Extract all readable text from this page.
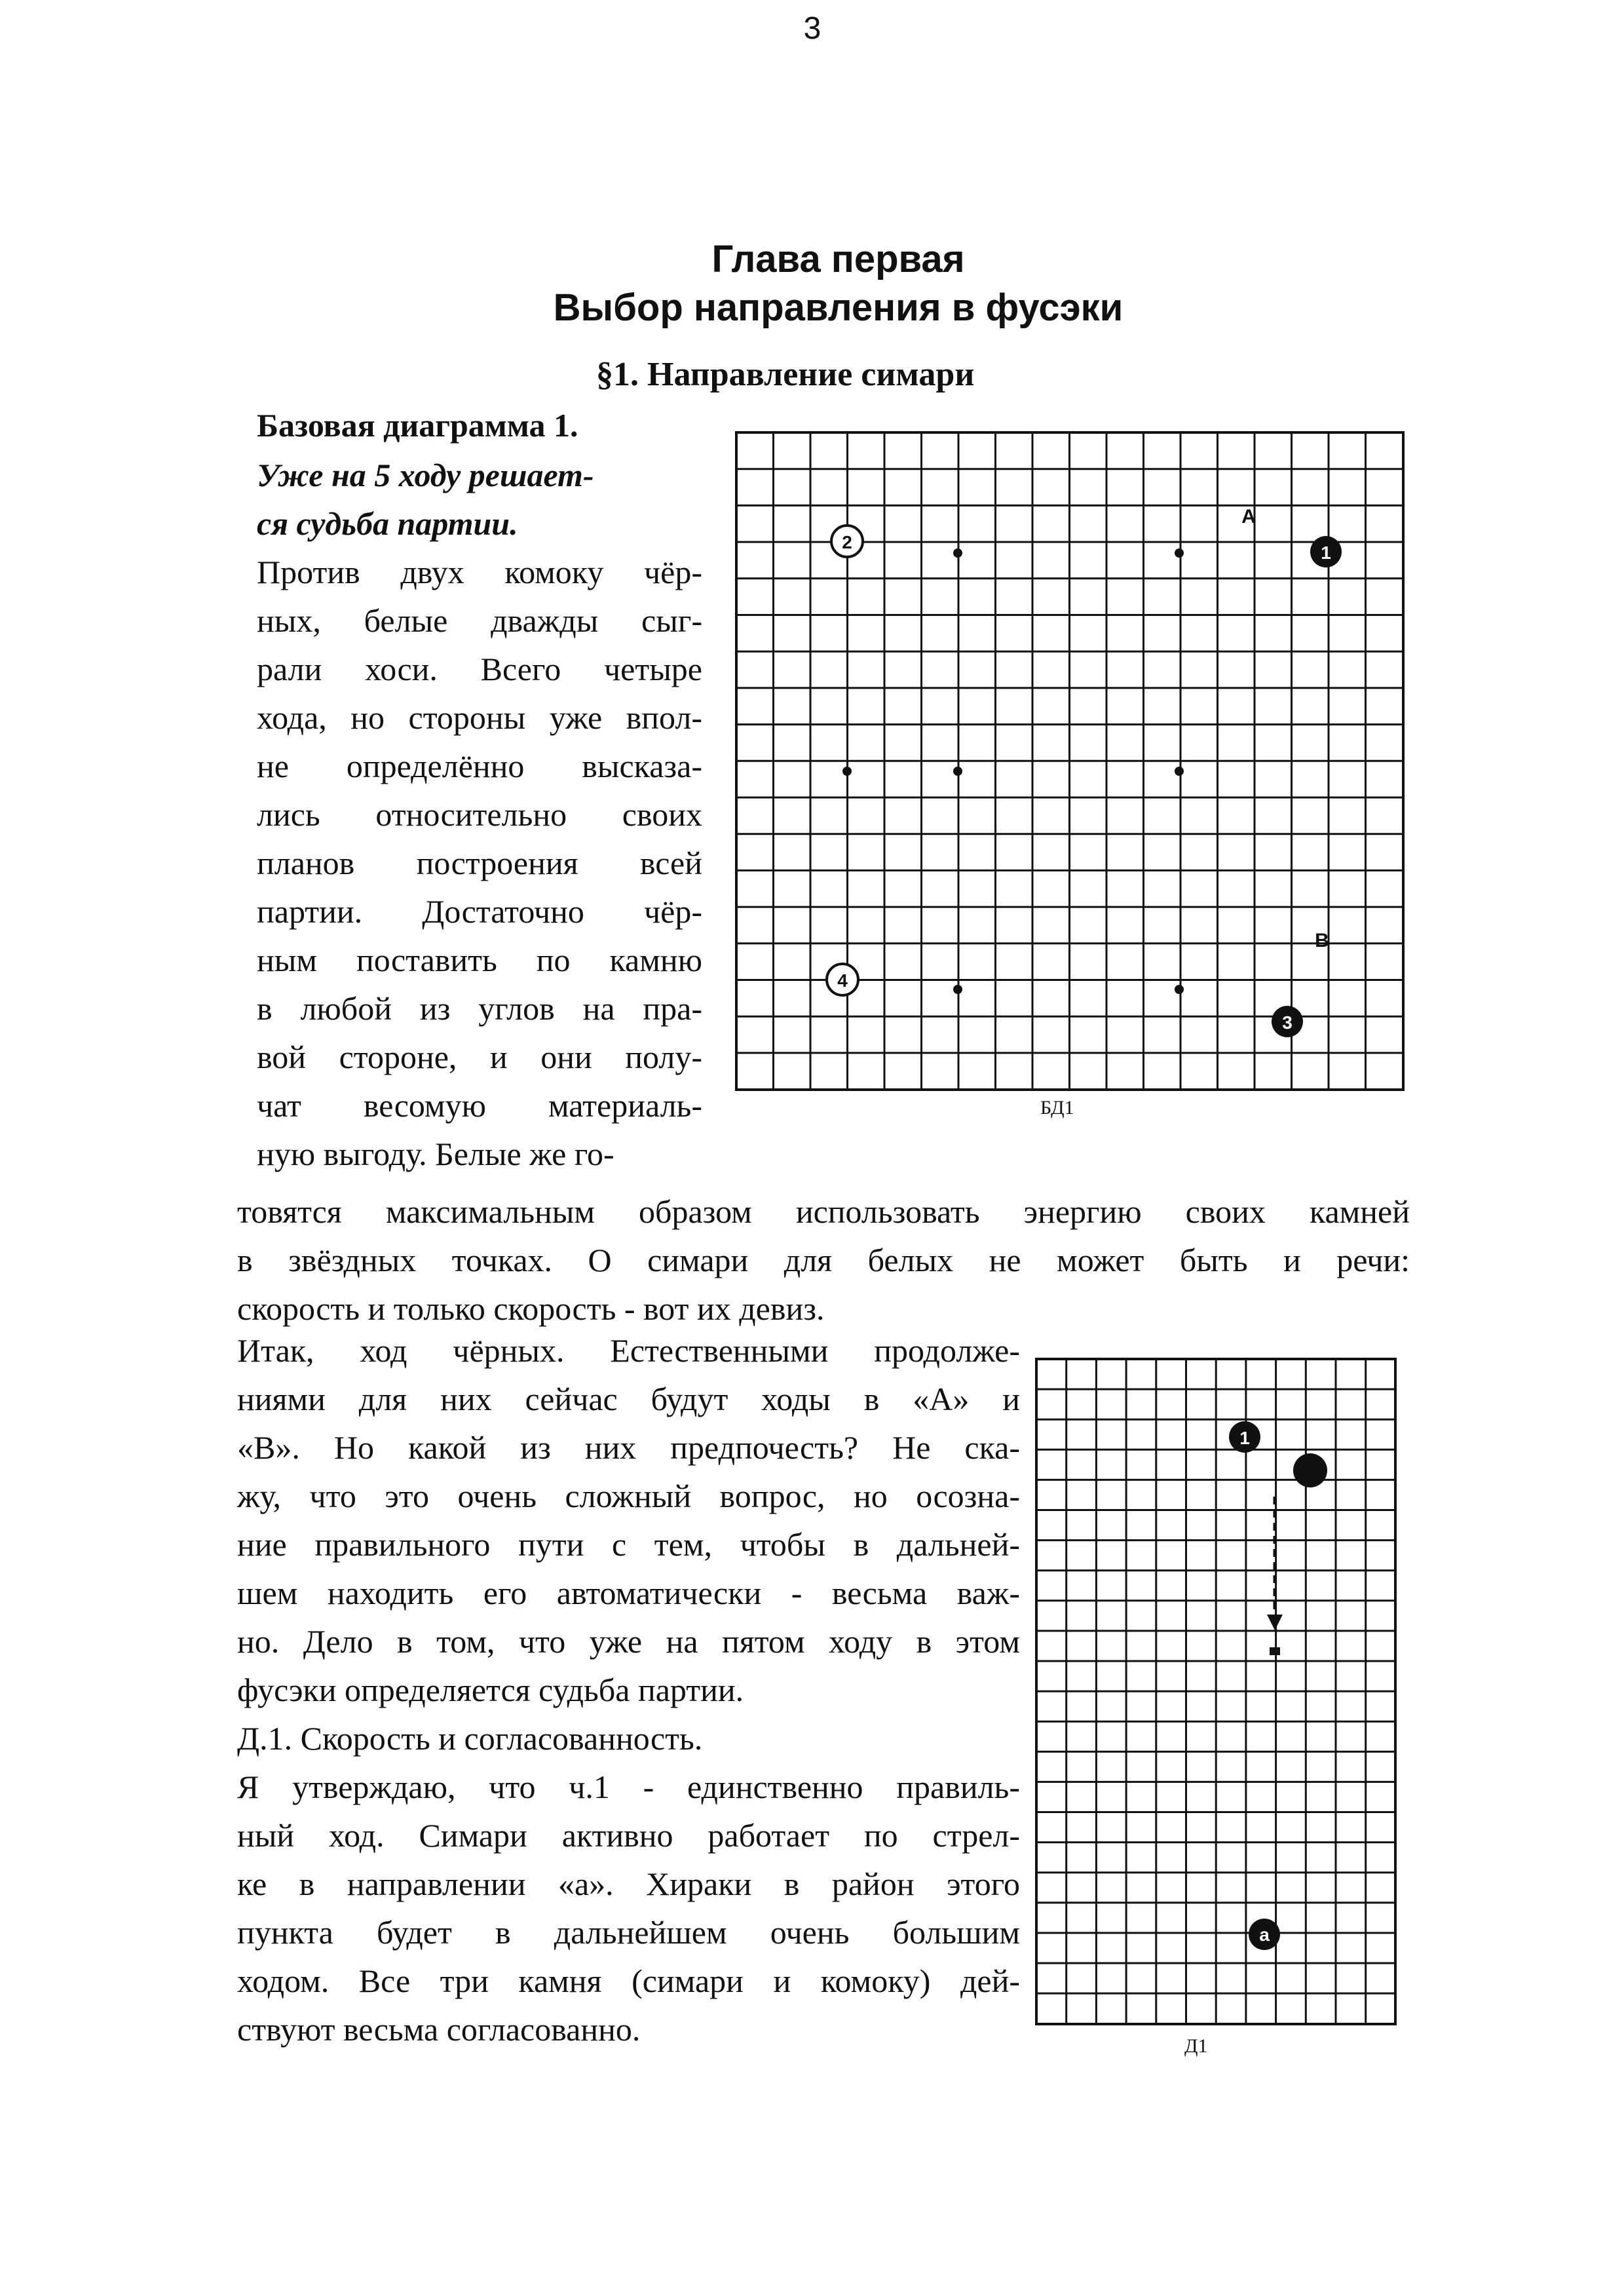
3
Глава первая
Выбор направления в фусэки
§1. Направление симари
Базовая диаграмма 1.
Уже на 5 ходу решает-
ся судьба партии.
Против двух комоку чёр-
ных, белые дважды сыг-
рали хоси. Всего четыре
хода, но стороны уже впол-
не определённо высказа-
лись относительно своих
планов построения всей
партии. Достаточно чёр-
ным поставить по камню
в любой из углов на пра-
вой стороне, и они полу-
чат весомую материаль-
ную выгоду. Белые же го-
товятся максимальным образом использовать энергию своих камней
в звёздных точках. О симари для белых не может быть и речи:
скорость и только скорость - вот их девиз.
Итак, ход чёрных. Естественными продолже-
ниями для них сейчас будут ходы в «А» и
«В». Но какой из них предпочесть? Не ска-
жу, что это очень сложный вопрос, но осозна-
ние правильного пути с тем, чтобы в дальней-
шем находить его автоматически - весьма важ-
но. Дело в том, что уже на пятом ходу в этом
фусэки определяется судьба партии.
Д.1. Скорость и согласованность.
Я утверждаю, что ч.1 - единственно правиль-
ный ход. Симари активно работает по стрел-
ке в направлении «а». Хираки в район этого
пункта будет в дальнейшем очень большим
ходом. Все три камня (симари и комоку) дей-
ствуют весьма согласованно.
A
B
1
2
3
4
БД1
1
a
Д1
